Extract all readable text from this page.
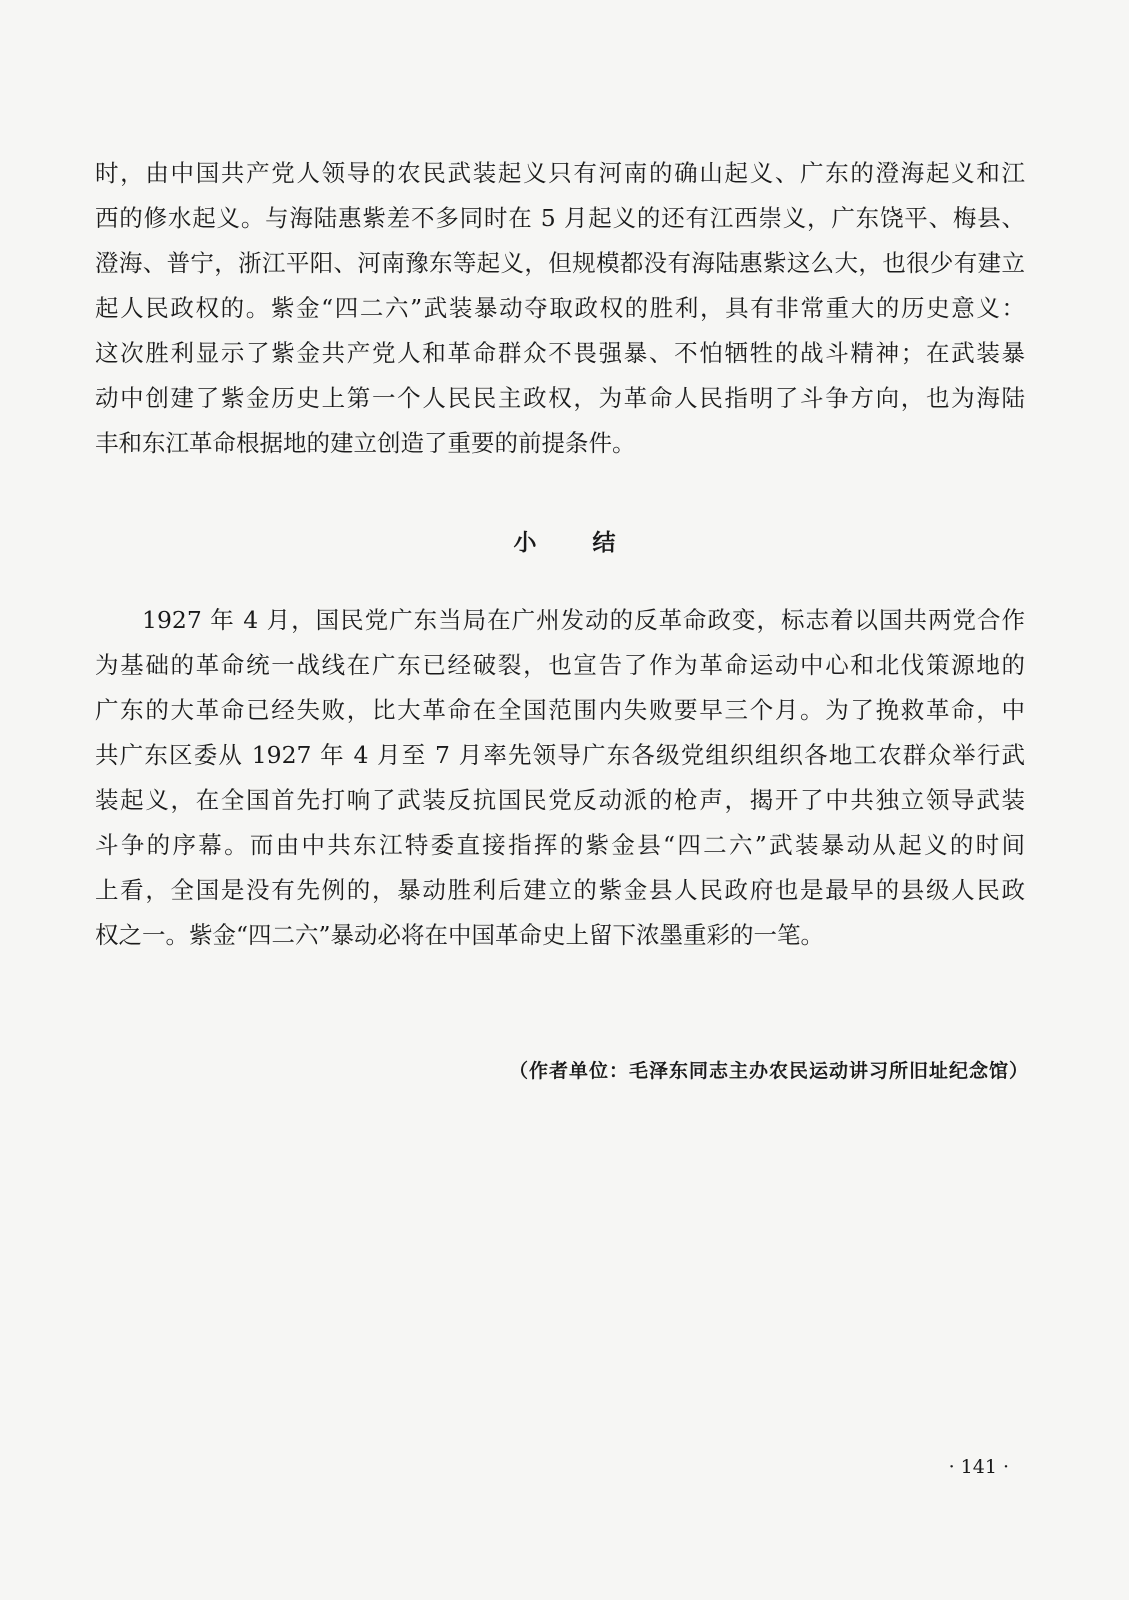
时，由中国共产党人领导的农民武装起义只有河南的确山起义、广东的澄海起义和江
西的修水起义。与海陆惠紫差不多同时在 5 月起义的还有江西崇义，广东饶平、梅县、
澄海、普宁，浙江平阳、河南豫东等起义，但规模都没有海陆惠紫这么大，也很少有建立
起人民政权的。紫金“四二六”武装暴动夺取政权的胜利，具有非常重大的历史意义：
这次胜利显示了紫金共产党人和革命群众不畏强暴、不怕牺牲的战斗精神；在武装暴
动中创建了紫金历史上第一个人民民主政权，为革命人民指明了斗争方向，也为海陆
丰和东江革命根据地的建立创造了重要的前提条件。
小 结
1927 年 4 月，国民党广东当局在广州发动的反革命政变，标志着以国共两党合作
为基础的革命统一战线在广东已经破裂，也宣告了作为革命运动中心和北伐策源地的
广东的大革命已经失败，比大革命在全国范围内失败要早三个月。为了挽救革命，中
共广东区委从 1927 年 4 月至 7 月率先领导广东各级党组织组织各地工农群众举行武
装起义，在全国首先打响了武装反抗国民党反动派的枪声，揭开了中共独立领导武装
斗争的序幕。而由中共东江特委直接指挥的紫金县“四二六”武装暴动从起义的时间
上看，全国是没有先例的，暴动胜利后建立的紫金县人民政府也是最早的县级人民政
权之一。紫金“四二六”暴动必将在中国革命史上留下浓墨重彩的一笔。
（作者单位：毛泽东同志主办农民运动讲习所旧址纪念馆）
· 141 ·
